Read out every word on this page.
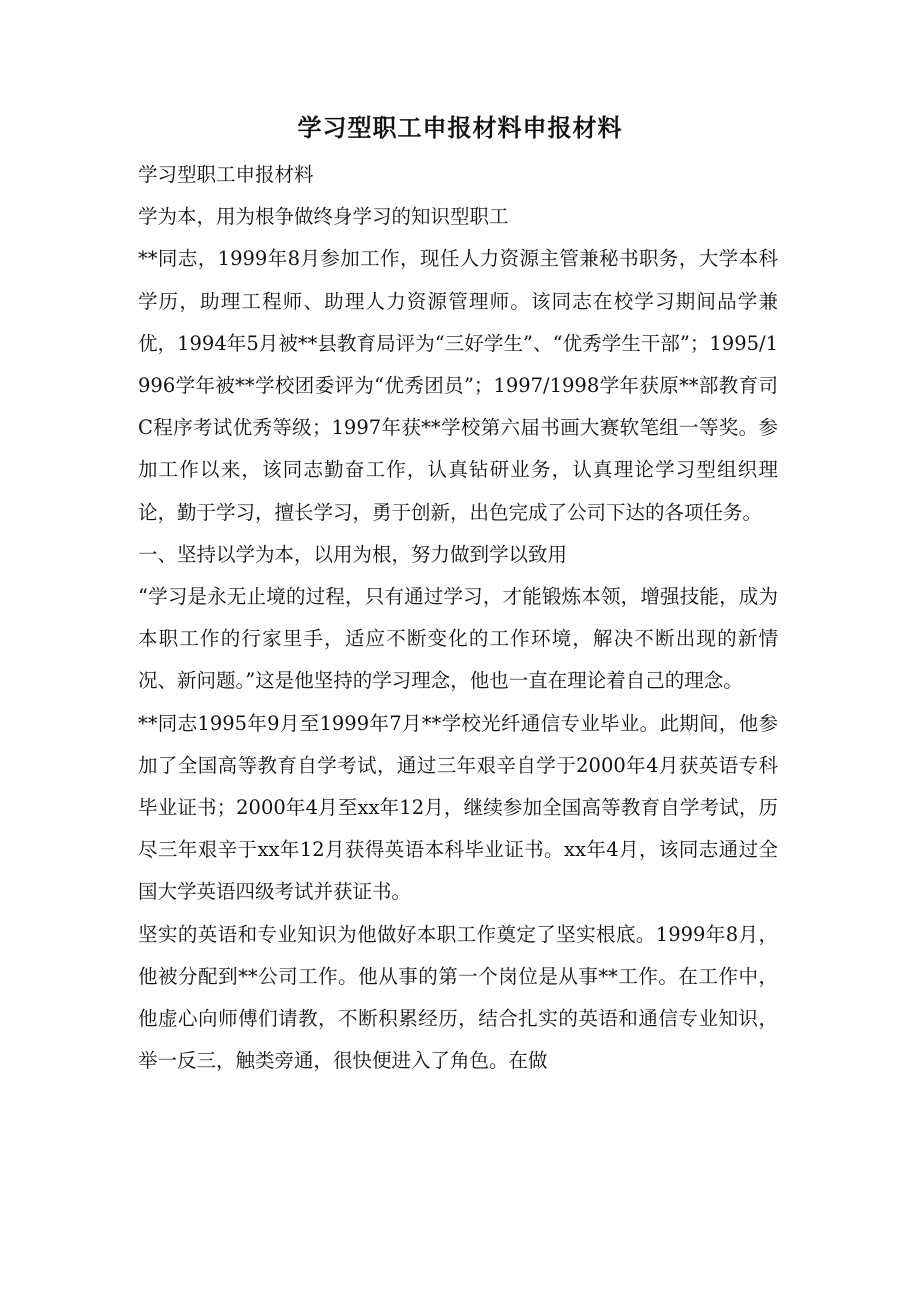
学习型职工申报材料申报材料

学习型职工申报材料

学为本，用为根争做终身学习的知识型职工

**同志，1999年8月参加工作，现任人力资源主管兼秘书职务，大学本科学历，助理工程师、助理人力资源管理师。该同志在校学习期间品学兼优，1994年5月被**县教育局评为“三好学生”、“优秀学生干部”；1995/1996学年被**学校团委评为“优秀团员”；1997/1998学年获原**部教育司C程序考试优秀等级；1997年获**学校第六届书画大赛软笔组一等奖。参加工作以来，该同志勤奋工作，认真钻研业务，认真理论学习型组织理论，勤于学习，擅长学习，勇于创新，出色完成了公司下达的各项任务。

一、坚持以学为本，以用为根，努力做到学以致用

“学习是永无止境的过程，只有通过学习，才能锻炼本领，增强技能，成为本职工作的行家里手，适应不断变化的工作环境，解决不断出现的新情况、新问题。”这是他坚持的学习理念，他也一直在理论着自己的理念。

**同志1995年9月至1999年7月**学校光纤通信专业毕业。此期间，他参加了全国高等教育自学考试，通过三年艰辛自学于2000年4月获英语专科毕业证书；2000年4月至xx年12月，继续参加全国高等教育自学考试，历尽三年艰辛于xx年12月获得英语本科毕业证书。xx年4月，该同志通过全国大学英语四级考试并获证书。

坚实的英语和专业知识为他做好本职工作奠定了坚实根底。1999年8月，他被分配到**公司工作。他从事的第一个岗位是从事**工作。在工作中，他虚心向师傅们请教，不断积累经历，结合扎实的英语和通信专业知识，举一反三，触类旁通，很快便进入了角色。在做
